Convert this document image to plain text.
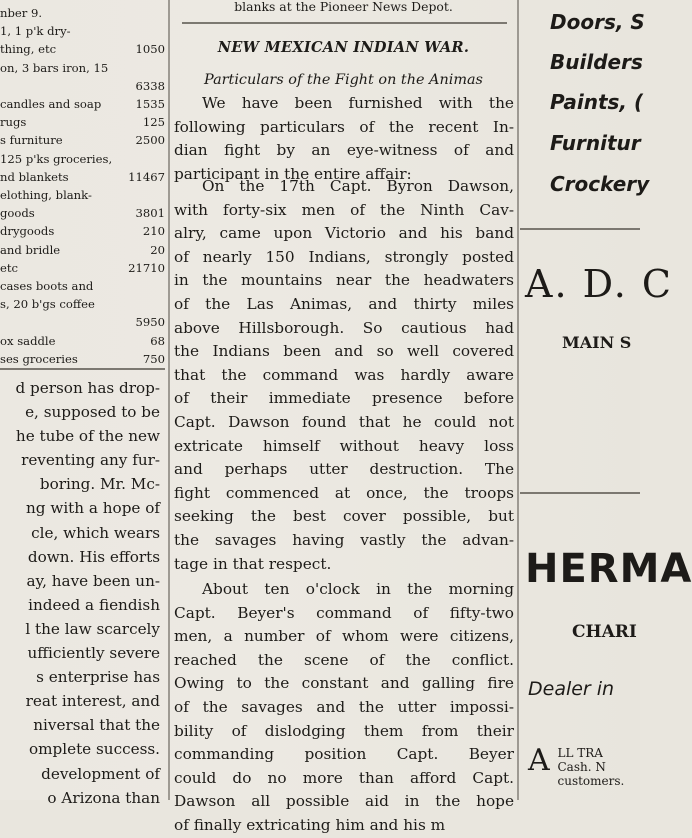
nber 9.
1, 1 p'k dry-
thing, etc	1050
on, 3 bars iron, 15
6338
candles and soap	1535
rugs	125
s furniture	2500
125 p'ks groceries,
nd blankets	11467
elothing, blank-
goods	3801
drygoods	210
and bridle	20
etc	21710
cases boots and
s, 20 b'gs coffee
5950
ox saddle	68
ses groceries	750
d person has drop-
e, supposed to be
he tube of the new
reventing any fur-
boring. Mr. Mc-
ng with a hope of
cle, which wears
down. His efforts
ay, have been un-
indeed a fiendish
l the law scarcely
ufficiently severe
s enterprise has
reat interest, and
niversal that the
omplete success.
development of
o Arizona than
blanks at the Pioneer News Depot.
NEW MEXICAN INDIAN WAR.
Particulars of the Fight on the Animas
We have been furnished with the
following particulars of the recent In-
dian fight by an eye-witness of and
participant in the entire affair:
On the 17th Capt. Byron Dawson,
with forty-six men of the Ninth Cav-
alry, came upon Victorio and his band
of nearly 150 Indians, strongly posted
in the mountains near the headwaters
of the Las Animas, and thirty miles
above Hillsborough. So cautious had
the Indians been and so well covered
that the command was hardly aware
of their immediate presence before
Capt. Dawson found that he could not
extricate himself without heavy loss
and perhaps utter destruction. The
fight commenced at once, the troops
seeking the best cover possible, but
the savages having vastly the advan-
tage in that respect.
About ten o'clock in the morning
Capt. Beyer's command of fifty-two
men, a number of whom were citizens,
reached the scene of the conflict.
Owing to the constant and galling fire
of the savages and the utter impossi-
bility of dislodging them from their
commanding position Capt. Beyer
could do no more than afford Capt.
Dawson all possible aid in the hope
of finally extricating him and his m
Doors, S
Builders
Paints, (
Furnitur
Crockery
A. D. C
MAIN S
HERMA
CHARI
Dealer in
A LL TRA
Cash. N
customers.
